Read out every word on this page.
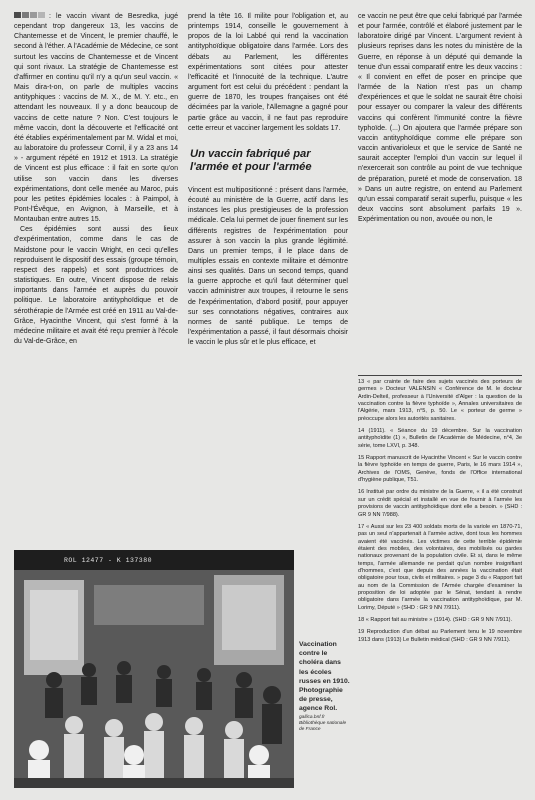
: le vaccin vivant de Besredka, jugé cependant trop dangereux 13, les vaccins de Chantemesse et de Vincent, le premier chauffé, le second à l'éther. A l'Académie de Médecine, ce sont surtout les vaccins de Chantemesse et de Vincent qui sont rivaux. La stratégie de Chantemesse est d'affirmer en continu qu'il n'y a qu'un seul vaccin. « Mais dira-t-on, on parle de multiples vaccins antityphiques : vaccins de M. X., de M. Y. etc., en attendant les nouveaux. Il y a donc beaucoup de vaccins de cette nature ? Non. C'est toujours le même vaccin, dont la découverte et l'efficacité ont été établies expérimentalement par M. Widal et moi, au laboratoire du professeur Cornil, il y a 23 ans 14 » - argument répété en 1912 et 1913. La stratégie de Vincent est plus efficace : il fait en sorte qu'on utilise son vaccin dans les diverses expérimentations, dont celle menée au Maroc, puis pour les petites épidémies locales : à Paimpol, à Pont-l'Évêque, en Avignon, à Marseille, et à Montauban entre autres 15.

Ces épidémies sont aussi des lieux d'expérimentation, comme dans le cas de Maidstone pour le vaccin Wright, en ceci qu'elles reproduisent le dispositif des essais (groupe témoin, respect des rappels) et sont productrices de statistiques. En outre, Vincent dispose de relais importants dans l'armée et auprès du pouvoir politique. Le laboratoire antityphoïdique et de sérothérapie de l'Armée est créé en 1911 au Val-de-Grâce, Hyacinthe Vincent, qui s'est formé à la médecine militaire et avait été reçu premier à l'école du Val-de-Grâce, en

prend la tête 16. Il milite pour l'obligation et, au printemps 1914, conseille le gouvernement à propos de la loi Labbé qui rend la vaccination antityphoïdique obligatoire dans l'armée. Lors des débats au Parlement, les différentes expérimentations sont citées pour attester l'efficacité et l'innocuité de la technique. L'autre argument fort est celui du précédent : pendant la guerre de 1870, les troupes françaises ont été décimées par la variole, l'Allemagne a gagné pour partie grâce au vaccin, il ne faut pas reproduire cette erreur et vacciner largement les soldats 17.

Un vaccin fabriqué par l'armée et pour l'armée

Vincent est multipositionné : présent dans l'armée, écouté au ministère de la Guerre, actif dans les instances les plus prestigieuses de la profession médicale. Cela lui permet de jouer finement sur les différents registres de l'expérimentation pour assurer à son vaccin la plus grande légitimité. Dans un premier temps, il le place dans de multiples essais en contexte militaire et démontre ainsi ses qualités. Dans un second temps, quand la guerre approche et qu'il faut déterminer quel vaccin administrer aux troupes, il retourne le sens de l'expérimentation, d'abord positif, pour appuyer sur ses connotations négatives, contraires aux normes de santé publique. Le temps de l'expérimentation a passé, il faut désormais choisir le vaccin le plus sûr et le plus efficace, et

ce vaccin ne peut être que celui fabriqué par l'armée et pour l'armée, contrôlé et élaboré justement par le laboratoire dirigé par Vincent. L'argument revient à plusieurs reprises dans les notes du ministère de la Guerre, en réponse à un député qui demande la tenue d'un essai comparatif entre les deux vaccins : « Il convient en effet de poser en principe que l'armée de la Nation n'est pas un champ d'expériences et que le soldat ne saurait être choisi pour essayer ou comparer la valeur des différents vaccins qui confèrent l'immunité contre la fièvre typhoïde. (...) On ajoutera que l'armée prépare son vaccin antityphoïdique comme elle prépare son vaccin antivarioleux et que le service de Santé ne saurait accepter l'emploi d'un vaccin sur lequel il n'exercerait son contrôle au point de vue technique de préparation, pureté et mode de conservation. 18 » Dans un autre registre, on entend au Parlement qu'un essai comparatif serait superflu, puisque « les deux vaccins sont absolument parfaits 19 ». Expérimentation ou non, avouée ou non, le

13 « par crainte de faire des sujets vaccinés des porteurs de germes » Docteur VALENSIN « Conférence de M. le docteur Ardin-Delteil, professeur à l'Université d'Alger : la question de la vaccination contre la fièvre typhoïde », Annales universitaires de l'Algérie, mars 1913, n°5, p. 50. Le « porteur de germe » préoccupe alors les autorités sanitaires.

14 (1911). « Séance du 19 décembre. Sur la vaccination antityphoïdite (1) », Bulletin de l'Académie de Médecine, n°4, 3e série, tome LXVI, p. 348.

15 Rapport manuscrit de Hyacinthe Vincent « Sur le vaccin contre la fièvre typhoïde en temps de guerre, Paris, le 16 mars 1914 », Archives de l'OMS, Genève, fonds de l'Office international d'hygiène publique, T51.

16 Institué par ordre du ministre de la Guerre, « il a été construit sur un crédit spécial et installé en vue de fournir à l'armée les provisions de vaccin antityphoïdique dont elle a besoin. » (SHD : GR 9 NN 7/988).

17 « Aussi sur les 23 400 soldats morts de la variole en 1870-71, pas un seul n'appartenait à l'armée active, dont tous les hommes avaient été vaccinés. Les victimes de cette terrible épidémie étaient des mobiles, des volontaires, des mobilisés ou gardes nationaux provenant de la population civile. Et si, dans le même temps, l'armée allemande ne perdait qu'un nombre insignifiant d'hommes, c'est que depuis des années la vaccination était obligatoire pour tous, civils et militaires. » page 3 du « Rapport fait au nom de la Commission de l'Armée chargée d'examiner la proposition de loi adoptée par le Sénat, tendant à rendre obligatoire dans l'armée la vaccination antityphoïdique, par M. Lorimy, Député » (SHD : GR 9 NN 7/911).

18 « Rapport fait au ministre » (1914). (SHD : GR 9 NN 7/911).

19 Reproduction d'un débat au Parlement tenu le 19 novembre 1913 dans (1913) Le Bulletin médical (SHD : GR 9 NN 7/911).

ROL 12477 - K 137380
Vaccination contre le choléra dans les écoles russes en 1910. Photographie de presse, agence Rol.
gallica.bnf.fr Bibliothèque nationale de France
